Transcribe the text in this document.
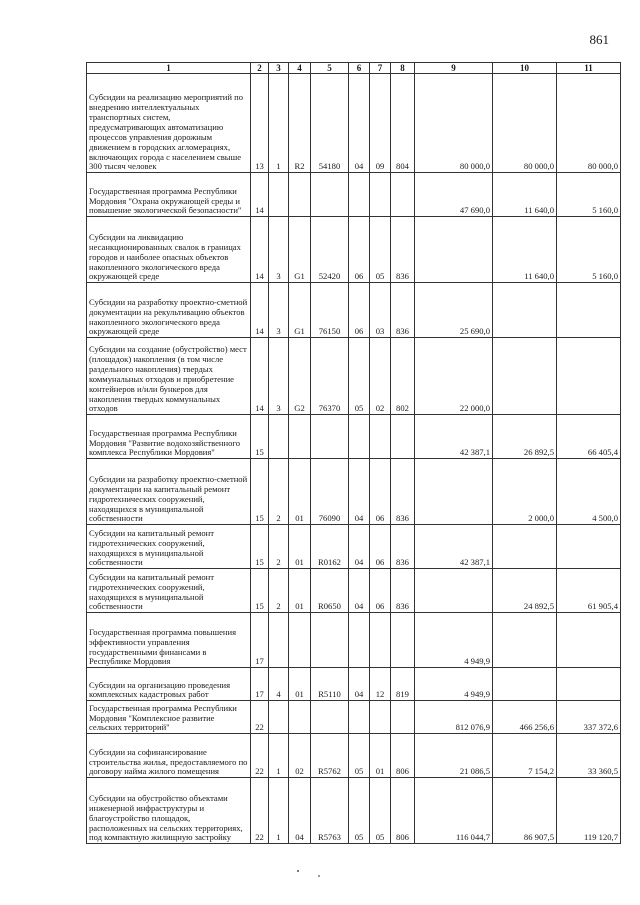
861
1	2	3	4	5	6	7	8	9	10	11
Субсидии на реализацию мероприятий по внедрению интеллектуальных транспортных систем, предусматривающих автоматизацию процессов управления дорожным движением в городских агломерациях, включающих города с населением свыше 300 тысяч человек	13	1	R2	54180	04	09	804	80 000,0	80 000,0	80 000,0
Государственная программа Республики Мордовия "Охрана окружающей среды и повышение экологической безопасности"	14							47 690,0	11 640,0	5 160,0
Субсидии на ликвидацию несанкционированных свалок в границах городов и наиболее опасных объектов накопленного экологического вреда окружающей среде	14	3	G1	52420	06	05	836		11 640,0	5 160,0
Субсидии на разработку проектно-сметной документации на рекультивацию объектов накопленного экологического вреда окружающей среде	14	3	G1	76150	06	03	836	25 690,0		
Субсидии на создание (обустройство) мест (площадок) накопления (в том числе раздельного накопления) твердых коммунальных отходов и приобретение контейнеров и/или бункеров для накопления твердых коммунальных отходов	14	3	G2	76370	05	02	802	22 000,0		
Государственная программа Республики Мордовия "Развитие водохозяйственного комплекса Республики Мордовия"	15							42 387,1	26 892,5	66 405,4
Субсидии на разработку проектно-сметной документации на капитальный ремонт гидротехнических сооружений, находящихся в муниципальной собственности	15	2	01	76090	04	06	836		2 000,0	4 500,0
Субсидии на капитальный ремонт гидротехнических сооружений, находящихся в муниципальной собственности	15	2	01	R0162	04	06	836	42 387,1		
Субсидии на капитальный ремонт гидротехнических сооружений, находящихся в муниципальной собственности	15	2	01	R0650	04	06	836		24 892,5	61 905,4
Государственная программа повышения эффективности управления государственными финансами в Республике Мордовия	17							4 949,9		
Субсидии на организацию проведения комплексных кадастровых работ	17	4	01	R5110	04	12	819	4 949,9		
Государственная программа Республики Мордовия "Комплексное развитие сельских территорий"	22							812 076,9	466 256,6	337 372,6
Субсидии на софинансирование строительства жилья, предоставляемого по договору найма жилого помещения	22	1	02	R5762	05	01	806	21 086,5	7 154,2	33 360,5
Субсидии на обустройство объектами инженерной инфраструктуры и благоустройство площадок, расположенных на сельских территориях, под компактную жилищную застройку	22	1	04	R5763	05	05	806	116 044,7	86 907,5	119 120,7
